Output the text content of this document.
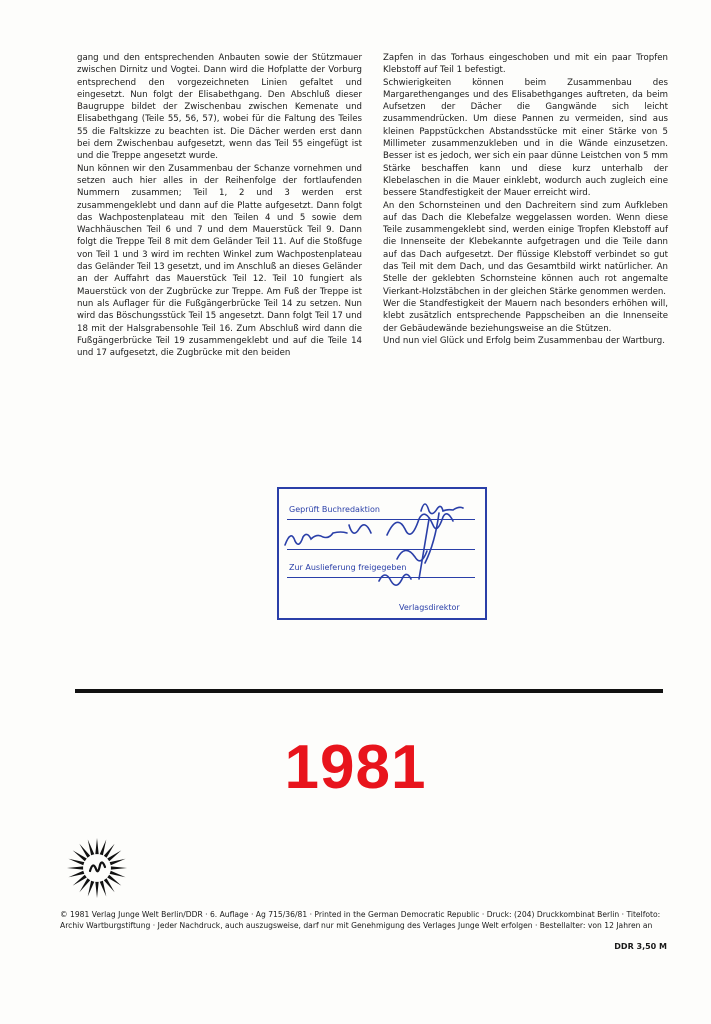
gang und den entsprechenden Anbauten sowie der Stützmauer zwischen Dirnitz und Vogtei. Dann wird die Hofplatte der Vorburg entsprechend den vorgezeichneten Linien gefaltet und eingesetzt. Nun folgt der Elisabethgang. Den Abschluß dieser Baugruppe bildet der Zwischenbau zwischen Kemenate und Elisabethgang (Teile 55, 56, 57), wobei für die Faltung des Teiles 55 die Faltskizze zu beachten ist. Die Dächer werden erst dann bei dem Zwischenbau aufgesetzt, wenn das Teil 55 eingefügt ist und die Treppe angesetzt wurde.

Nun können wir den Zusammenbau der Schanze vornehmen und setzen auch hier alles in der Reihenfolge der fortlaufenden Nummern zusammen; Teil 1, 2 und 3 werden erst zusammengeklebt und dann auf die Platte aufgesetzt. Dann folgt das Wachpostenplateau mit den Teilen 4 und 5 sowie dem Wachhäuschen Teil 6 und 7 und dem Mauerstück Teil 9. Dann folgt die Treppe Teil 8 mit dem Geländer Teil 11. Auf die Stoßfuge von Teil 1 und 3 wird im rechten Winkel zum Wachpostenplateau das Geländer Teil 13 gesetzt, und im Anschluß an dieses Geländer an der Auffahrt das Mauerstück Teil 12. Teil 10 fungiert als Mauerstück von der Zugbrücke zur Treppe. Am Fuß der Treppe ist nun als Auflager für die Fußgängerbrücke Teil 14 zu setzen. Nun wird das Böschungsstück Teil 15 angesetzt. Dann folgt Teil 17 und 18 mit der Halsgrabensohle Teil 16. Zum Abschluß wird dann die Fußgängerbrücke Teil 19 zusammengeklebt und auf die Teile 14 und 17 aufgesetzt, die Zugbrücke mit den beiden

Zapfen in das Torhaus eingeschoben und mit ein paar Tropfen Klebstoff auf Teil 1 befestigt.

Schwierigkeiten können beim Zusammenbau des Margarethenganges und des Elisabethganges auftreten, da beim Aufsetzen der Dächer die Gangwände sich leicht zusammendrücken. Um diese Pannen zu vermeiden, sind aus kleinen Pappstückchen Abstandsstücke mit einer Stärke von 5 Millimeter zusammenzukleben und in die Wände einzusetzen. Besser ist es jedoch, wer sich ein paar dünne Leistchen von 5 mm Stärke beschaffen kann und diese kurz unterhalb der Klebelaschen in die Mauer einklebt, wodurch auch zugleich eine bessere Standfestigkeit der Mauer erreicht wird.

An den Schornsteinen und den Dachreitern sind zum Aufkleben auf das Dach die Klebefalze weggelassen worden. Wenn diese Teile zusammengeklebt sind, werden einige Tropfen Klebstoff auf die Innenseite der Klebekannte aufgetragen und die Teile dann auf das Dach aufgesetzt. Der flüssige Klebstoff verbindet so gut das Teil mit dem Dach, und das Gesamtbild wirkt natürlicher. An Stelle der geklebten Schornsteine können auch rot angemalte Vierkant-Holzstäbchen in der gleichen Stärke genommen werden.

Wer die Standfestigkeit der Mauern nach besonders erhöhen will, klebt zusätzlich entsprechende Pappscheiben an die Innenseite der Gebäudewände beziehungsweise an die Stützen.

Und nun viel Glück und Erfolg beim Zusammenbau der Wartburg.

Geprüft Buchredaktion
Zur Auslieferung freigegeben
Verlagsdirektor
1981
© 1981 Verlag Junge Welt Berlin/DDR · 6. Auflage · Ag 715/36/81 · Printed in the German Democratic Republic · Druck: (204) Druckkombinat Berlin · Titelfoto: Archiv Wartburgstiftung · Jeder Nachdruck, auch auszugsweise, darf nur mit Genehmigung des Verlages Junge Welt erfolgen · Bestellalter: von 12 Jahren an
DDR 3,50 M
